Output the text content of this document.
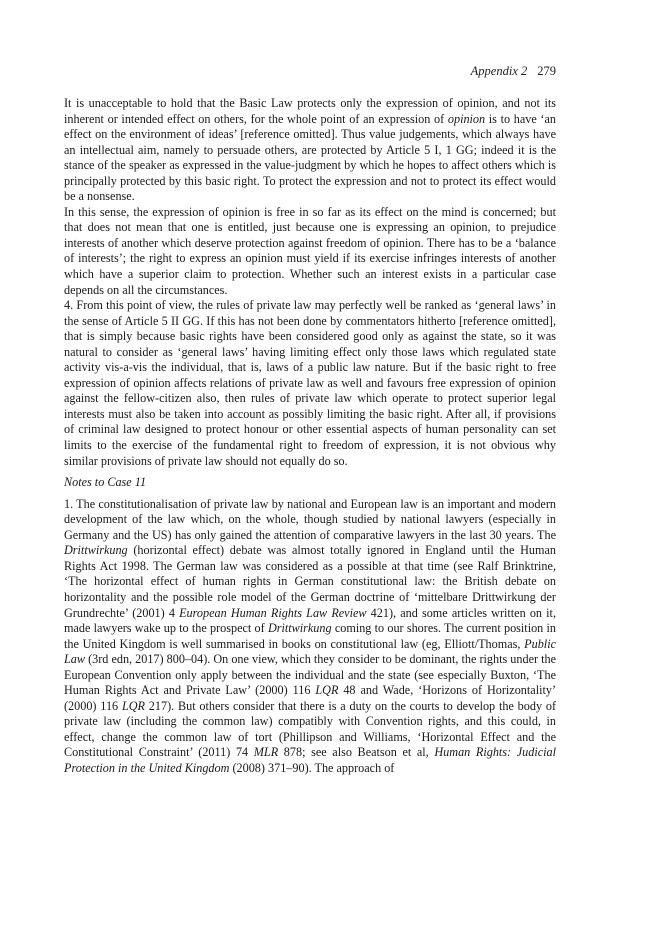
Appendix 2 279

It is unacceptable to hold that the Basic Law protects only the expression of opinion, and not its inherent or intended effect on others, for the whole point of an expression of opinion is to have ‘an effect on the environment of ideas’ [reference omitted]. Thus value judgements, which always have an intellectual aim, namely to persuade others, are protected by Article 5 I, 1 GG; indeed it is the stance of the speaker as expressed in the value-judgment by which he hopes to affect others which is principally protected by this basic right. To protect the expression and not to protect its effect would be a nonsense.

In this sense, the expression of opinion is free in so far as its effect on the mind is concerned; but that does not mean that one is entitled, just because one is expressing an opinion, to prejudice interests of another which deserve protection against freedom of opinion. There has to be a ‘balance of interests’; the right to express an opinion must yield if its exercise infringes interests of another which have a superior claim to protection. Whether such an interest exists in a particular case depends on all the circumstances.

4. From this point of view, the rules of private law may perfectly well be ranked as ‘general laws’ in the sense of Article 5 II GG. If this has not been done by commentators hitherto [reference omitted], that is simply because basic rights have been considered good only as against the state, so it was natural to consider as ‘general laws’ having limiting effect only those laws which regulated state activity vis-a-vis the individual, that is, laws of a public law nature. But if the basic right to free expression of opinion affects relations of private law as well and favours free expression of opinion against the fellow-citizen also, then rules of private law which operate to protect superior legal interests must also be taken into account as possibly limiting the basic right. After all, if provisions of criminal law designed to protect honour or other essential aspects of human personality can set limits to the exercise of the fundamental right to freedom of expression, it is not obvious why similar provisions of private law should not equally do so.

Notes to Case 11

1. The constitutionalisation of private law by national and European law is an important and modern development of the law which, on the whole, though studied by national lawyers (especially in Germany and the US) has only gained the attention of comparative lawyers in the last 30 years. The Drittwirkung (horizontal effect) debate was almost totally ignored in England until the Human Rights Act 1998. The German law was considered as a possible at that time (see Ralf Brinktrine, ‘The horizontal effect of human rights in German constitutional law: the British debate on horizontality and the possible role model of the German doctrine of ‘mittelbare Drittwirkung der Grundrechte’ (2001) 4 European Human Rights Law Review 421), and some articles written on it, made lawyers wake up to the prospect of Drittwirkung coming to our shores. The current position in the United Kingdom is well summarised in books on constitutional law (eg, Elliott/Thomas, Public Law (3rd edn, 2017) 800–04). On one view, which they consider to be dominant, the rights under the European Convention only apply between the individual and the state (see especially Buxton, ‘The Human Rights Act and Private Law’ (2000) 116 LQR 48 and Wade, ‘Horizons of Horizontality’ (2000) 116 LQR 217). But others consider that there is a duty on the courts to develop the body of private law (including the common law) compatibly with Convention rights, and this could, in effect, change the common law of tort (Phillipson and Williams, ‘Horizontal Effect and the Constitutional Constraint’ (2011) 74 MLR 878; see also Beatson et al, Human Rights: Judicial Protection in the United Kingdom (2008) 371–90). The approach of
